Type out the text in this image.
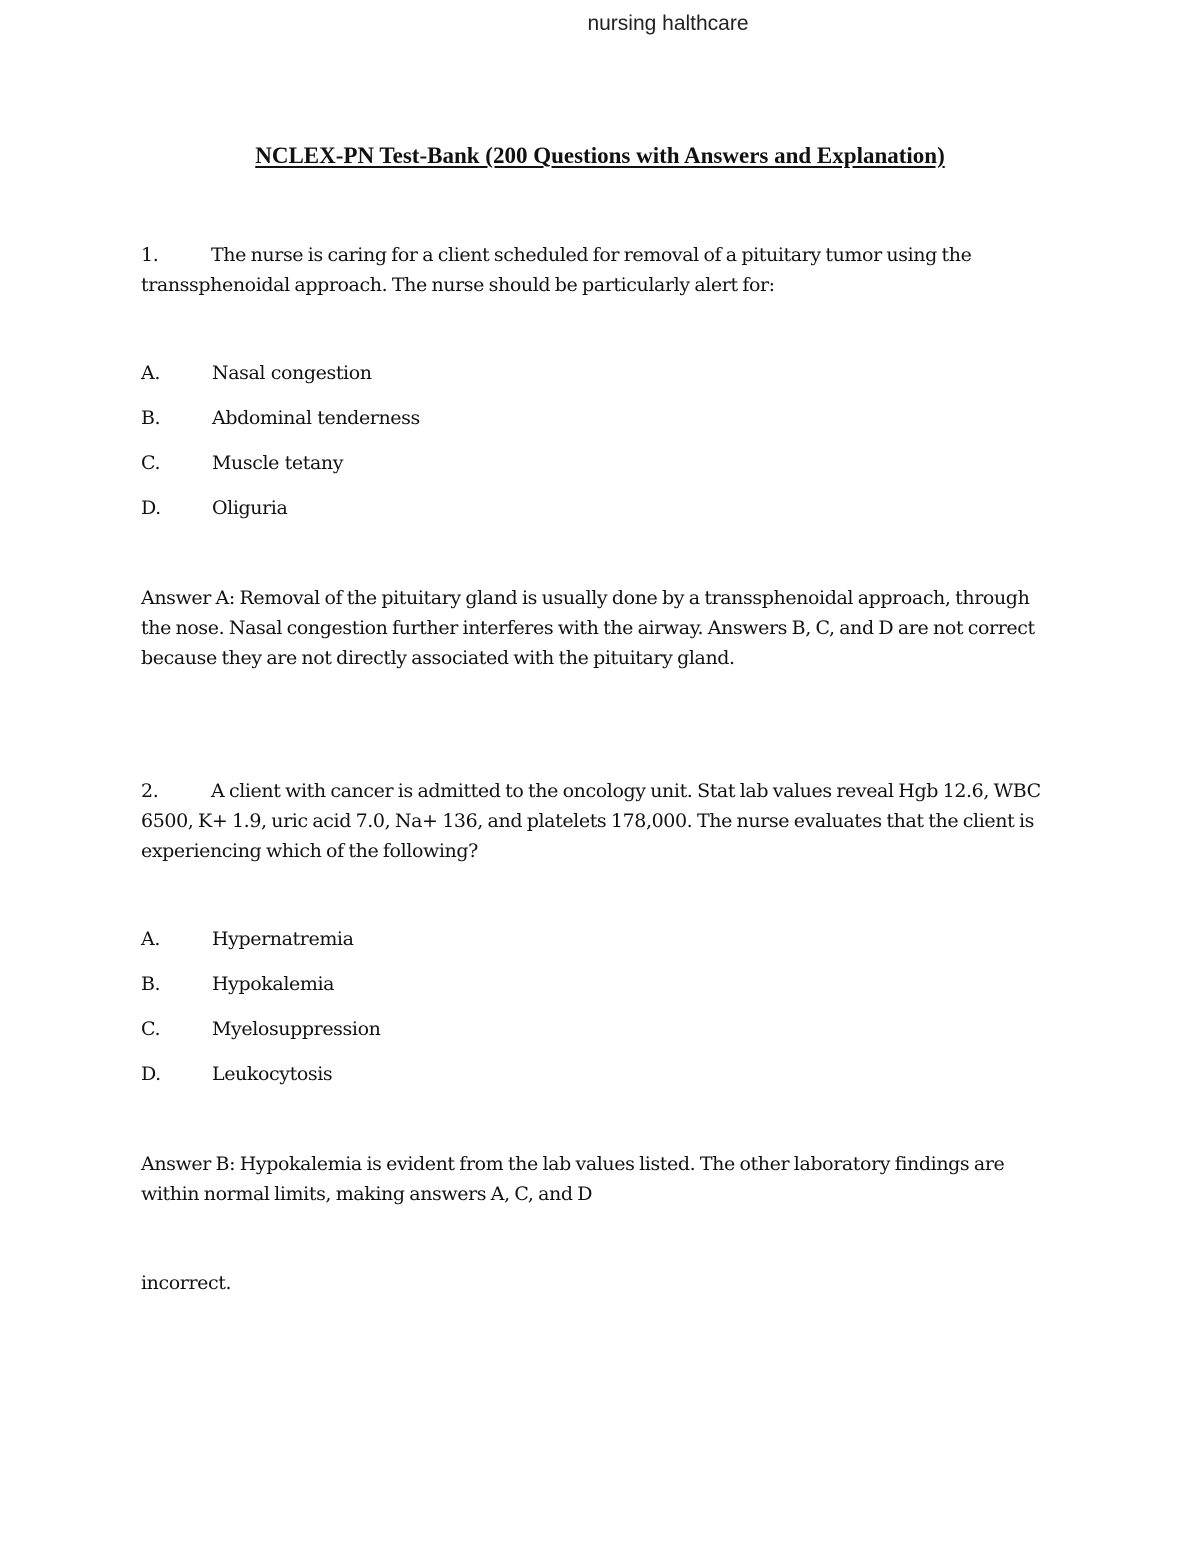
nursing halthcare
NCLEX-PN Test-Bank (200 Questions with Answers and Explanation)
1.	The nurse is caring for a client scheduled for removal of a pituitary tumor using the transsphenoidal approach. The nurse should be particularly alert for:
A.	Nasal congestion
B.	Abdominal tenderness
C.	Muscle tetany
D.	Oliguria
Answer A: Removal of the pituitary gland is usually done by a transsphenoidal approach, through the nose. Nasal congestion further interferes with the airway. Answers B, C, and D are not correct because they are not directly associated with the pituitary gland.
2.	A client with cancer is admitted to the oncology unit. Stat lab values reveal Hgb 12.6, WBC 6500, K+ 1.9, uric acid 7.0, Na+ 136, and platelets 178,000. The nurse evaluates that the client is experiencing which of the following?
A.	Hypernatremia
B.	Hypokalemia
C.	Myelosuppression
D.	Leukocytosis
Answer B: Hypokalemia is evident from the lab values listed. The other laboratory findings are within normal limits, making answers A, C, and D
incorrect.
